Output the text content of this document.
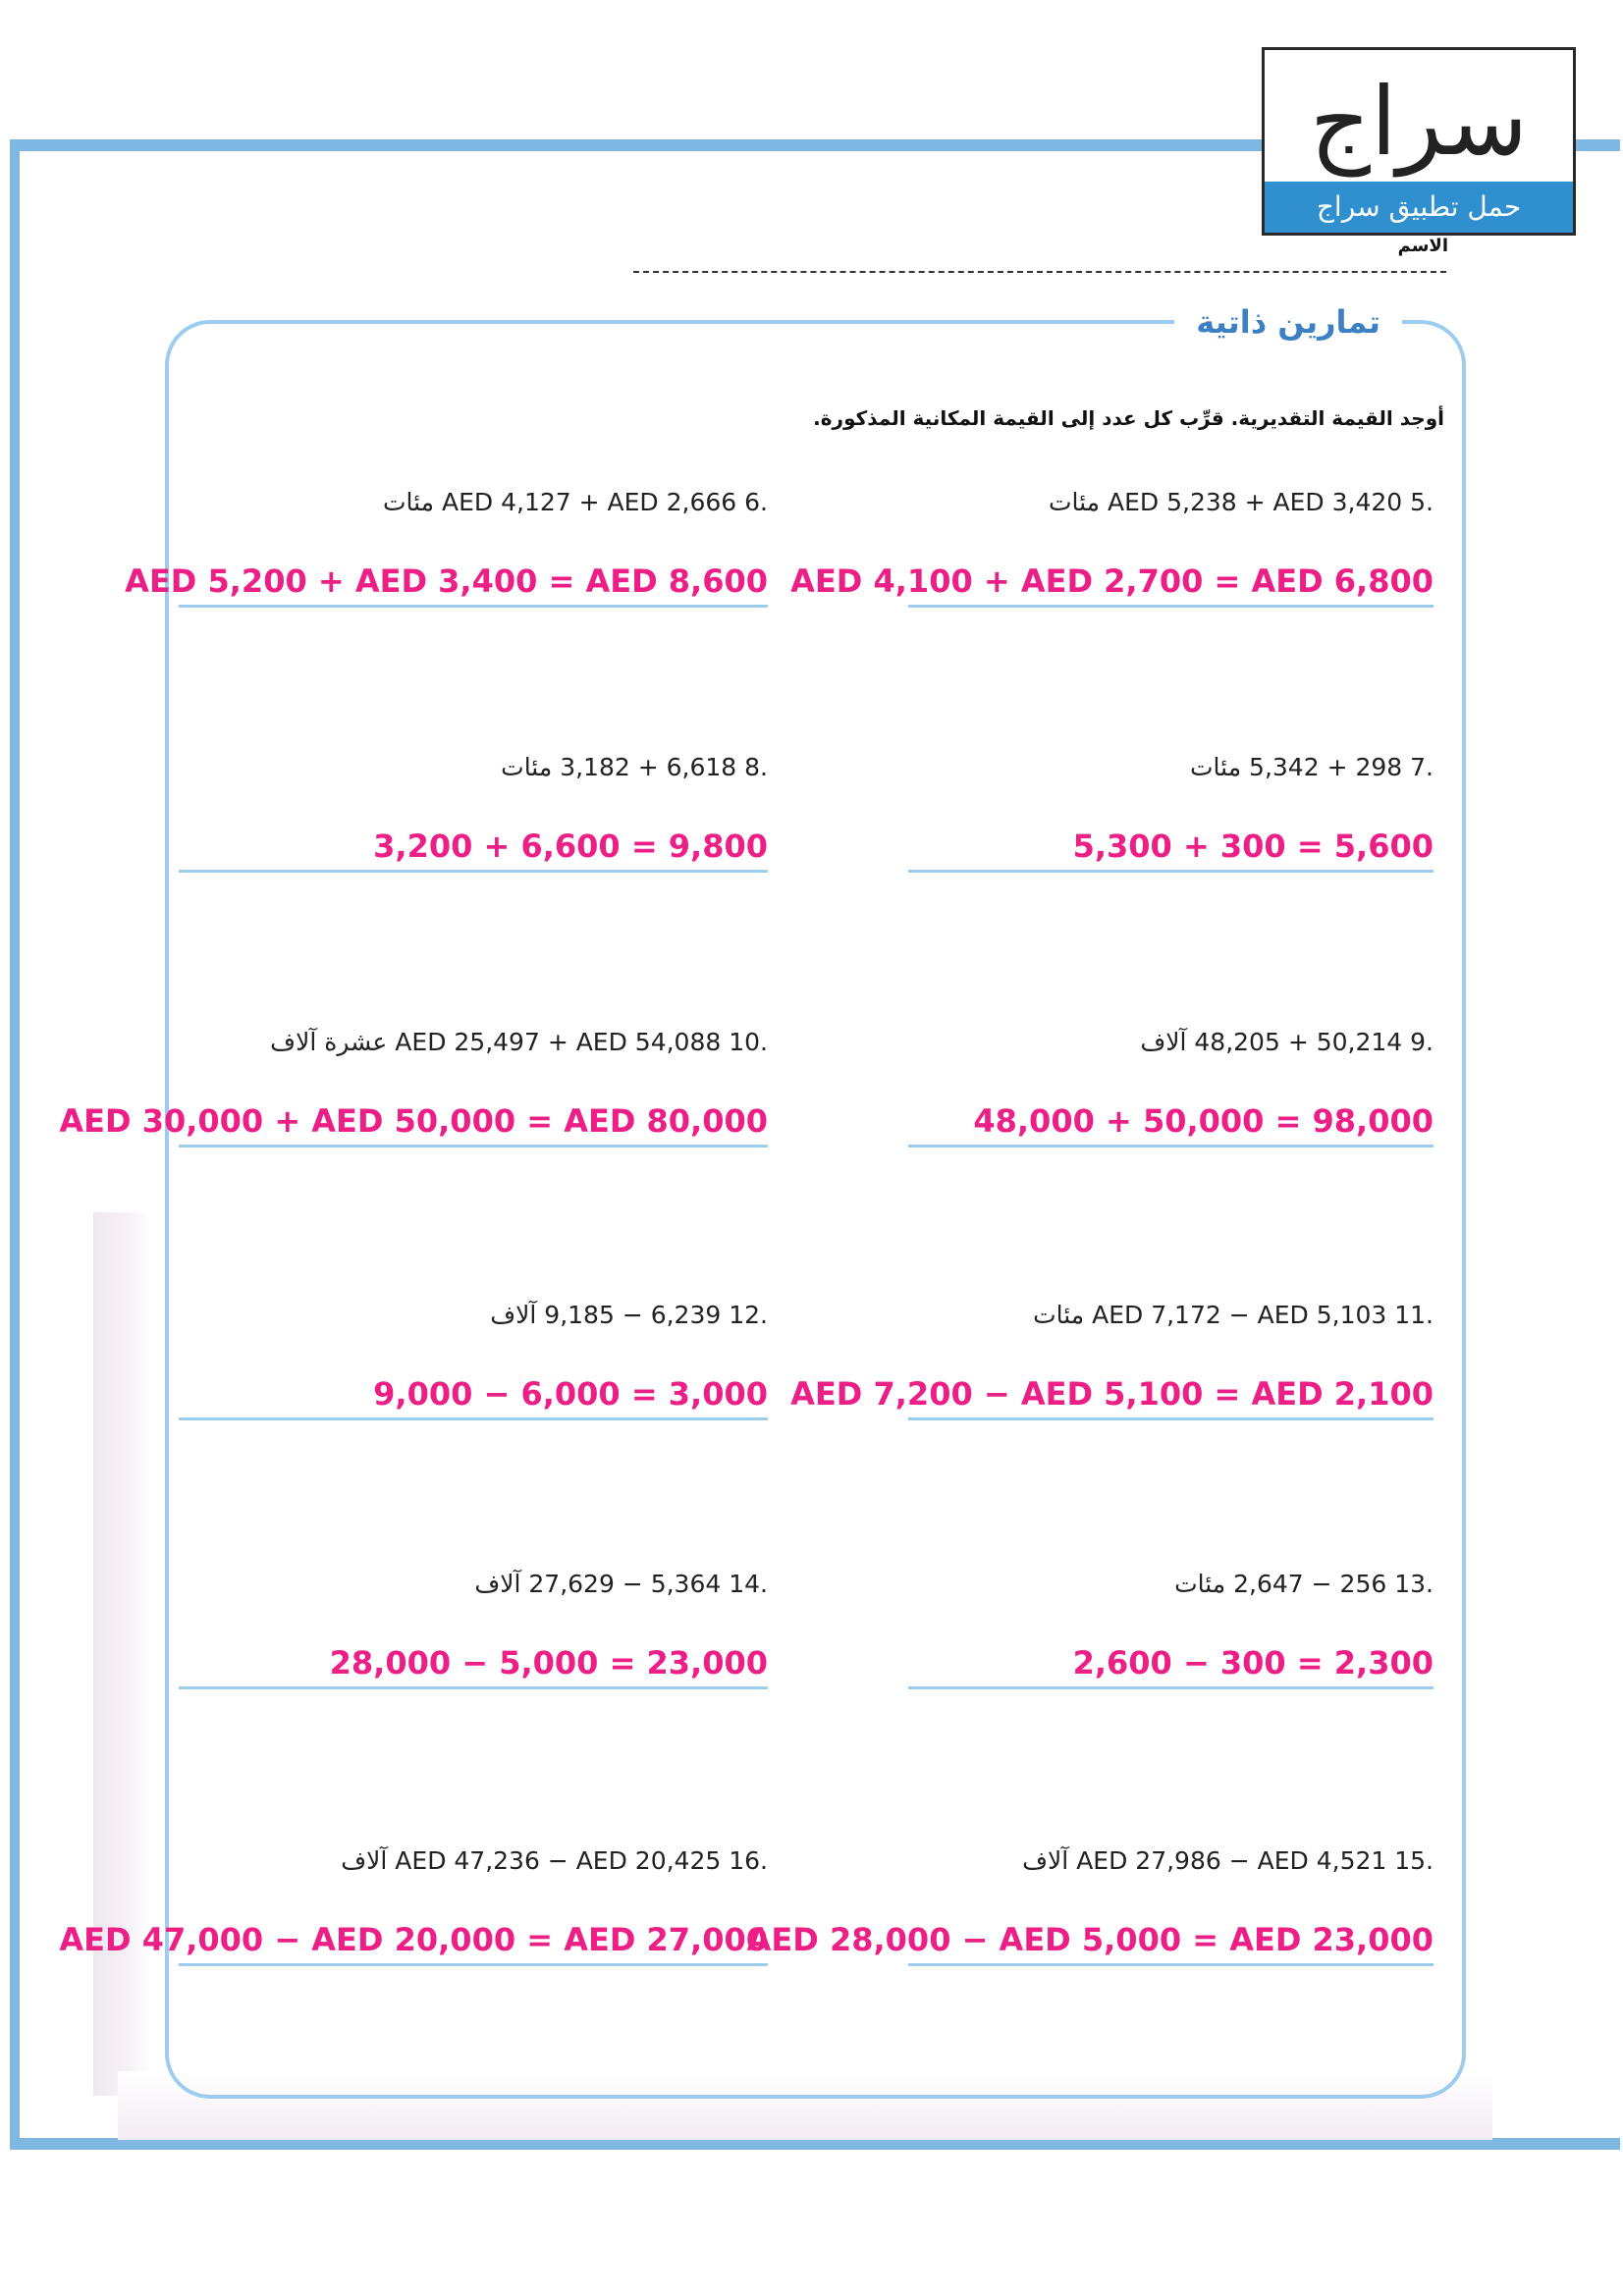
سراج
حمل تطبيق سراج
الاسم
تمارين ذاتية
أوجد القيمة التقديرية. قرِّب كل عدد إلى القيمة المكانية المذكورة.
.5 AED 5,238 + AED 3,420 مئات
AED 4,100 + AED 2,700 = AED 6,800
.6 AED 4,127 + AED 2,666 مئات
AED 5,200 + AED 3,400 = AED 8,600
.7 5,342 + 298 مئات
5,300 + 300 = 5,600
.8 3,182 + 6,618 مئات
3,200 + 6,600 = 9,800
.9 48,205 + 50,214 آلاف
48,000 + 50,000 = 98,000
.10 AED 25,497 + AED 54,088 عشرة آلاف
AED 30,000 + AED 50,000 = AED 80,000
.11 AED 7,172 − AED 5,103 مئات
AED 7,200 − AED 5,100 = AED 2,100
.12 9,185 − 6,239 آلاف
9,000 − 6,000 = 3,000
.13 2,647 − 256 مئات
2,600 − 300 = 2,300
.14 27,629 − 5,364 آلاف
28,000 − 5,000 = 23,000
.15 AED 27,986 − AED 4,521 آلاف
AED 28,000 − AED 5,000 = AED 23,000
.16 AED 47,236 − AED 20,425 آلاف
AED 47,000 − AED 20,000 = AED 27,000
